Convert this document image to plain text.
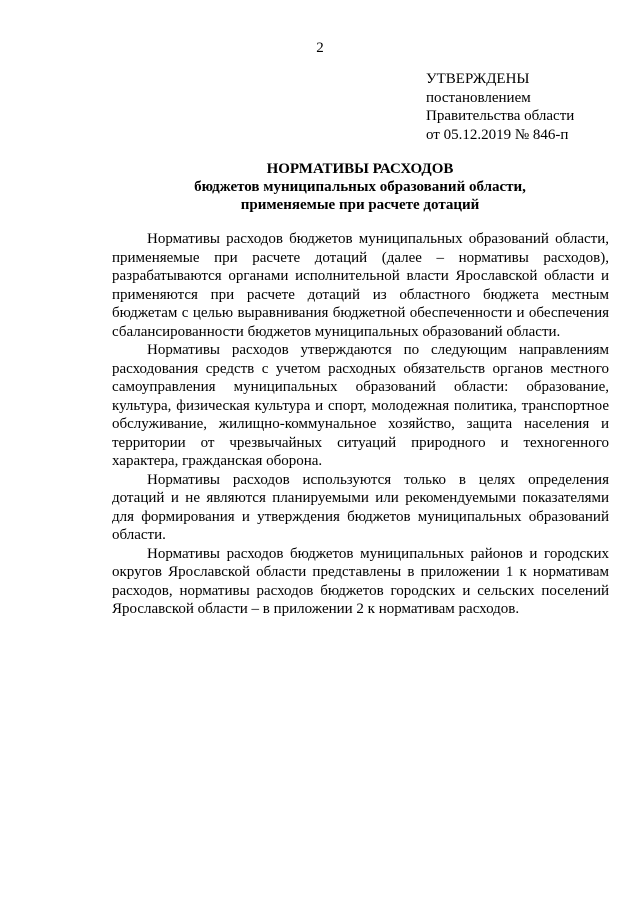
2
УТВЕРЖДЕНЫ
постановлением
Правительства области
от 05.12.2019 № 846-п
НОРМАТИВЫ РАСХОДОВ
бюджетов муниципальных образований области,
применяемые при расчете дотаций

Нормативы расходов бюджетов муниципальных образований области, применяемые при расчете дотаций (далее – нормативы расходов), разрабатываются органами исполнительной власти Ярославской области и применяются при расчете дотаций из областного бюджета местным бюджетам с целью выравнивания бюджетной обеспеченности и обеспечения сбалансированности бюджетов муниципальных образований области.

Нормативы расходов утверждаются по следующим направлениям расходования средств с учетом расходных обязательств органов местного самоуправления муниципальных образований области: образование, культура, физическая культура и спорт, молодежная политика, транспортное обслуживание, жилищно-коммунальное хозяйство, защита населения и территории от чрезвычайных ситуаций природного и техногенного характера, гражданская оборона.

Нормативы расходов используются только в целях определения дотаций и не являются планируемыми или рекомендуемыми показателями для формирования и утверждения бюджетов муниципальных образований области.

Нормативы расходов бюджетов муниципальных районов и городских округов Ярославской области представлены в приложении 1 к нормативам расходов, нормативы расходов бюджетов городских и сельских поселений Ярославской области – в приложении 2 к нормативам расходов.
